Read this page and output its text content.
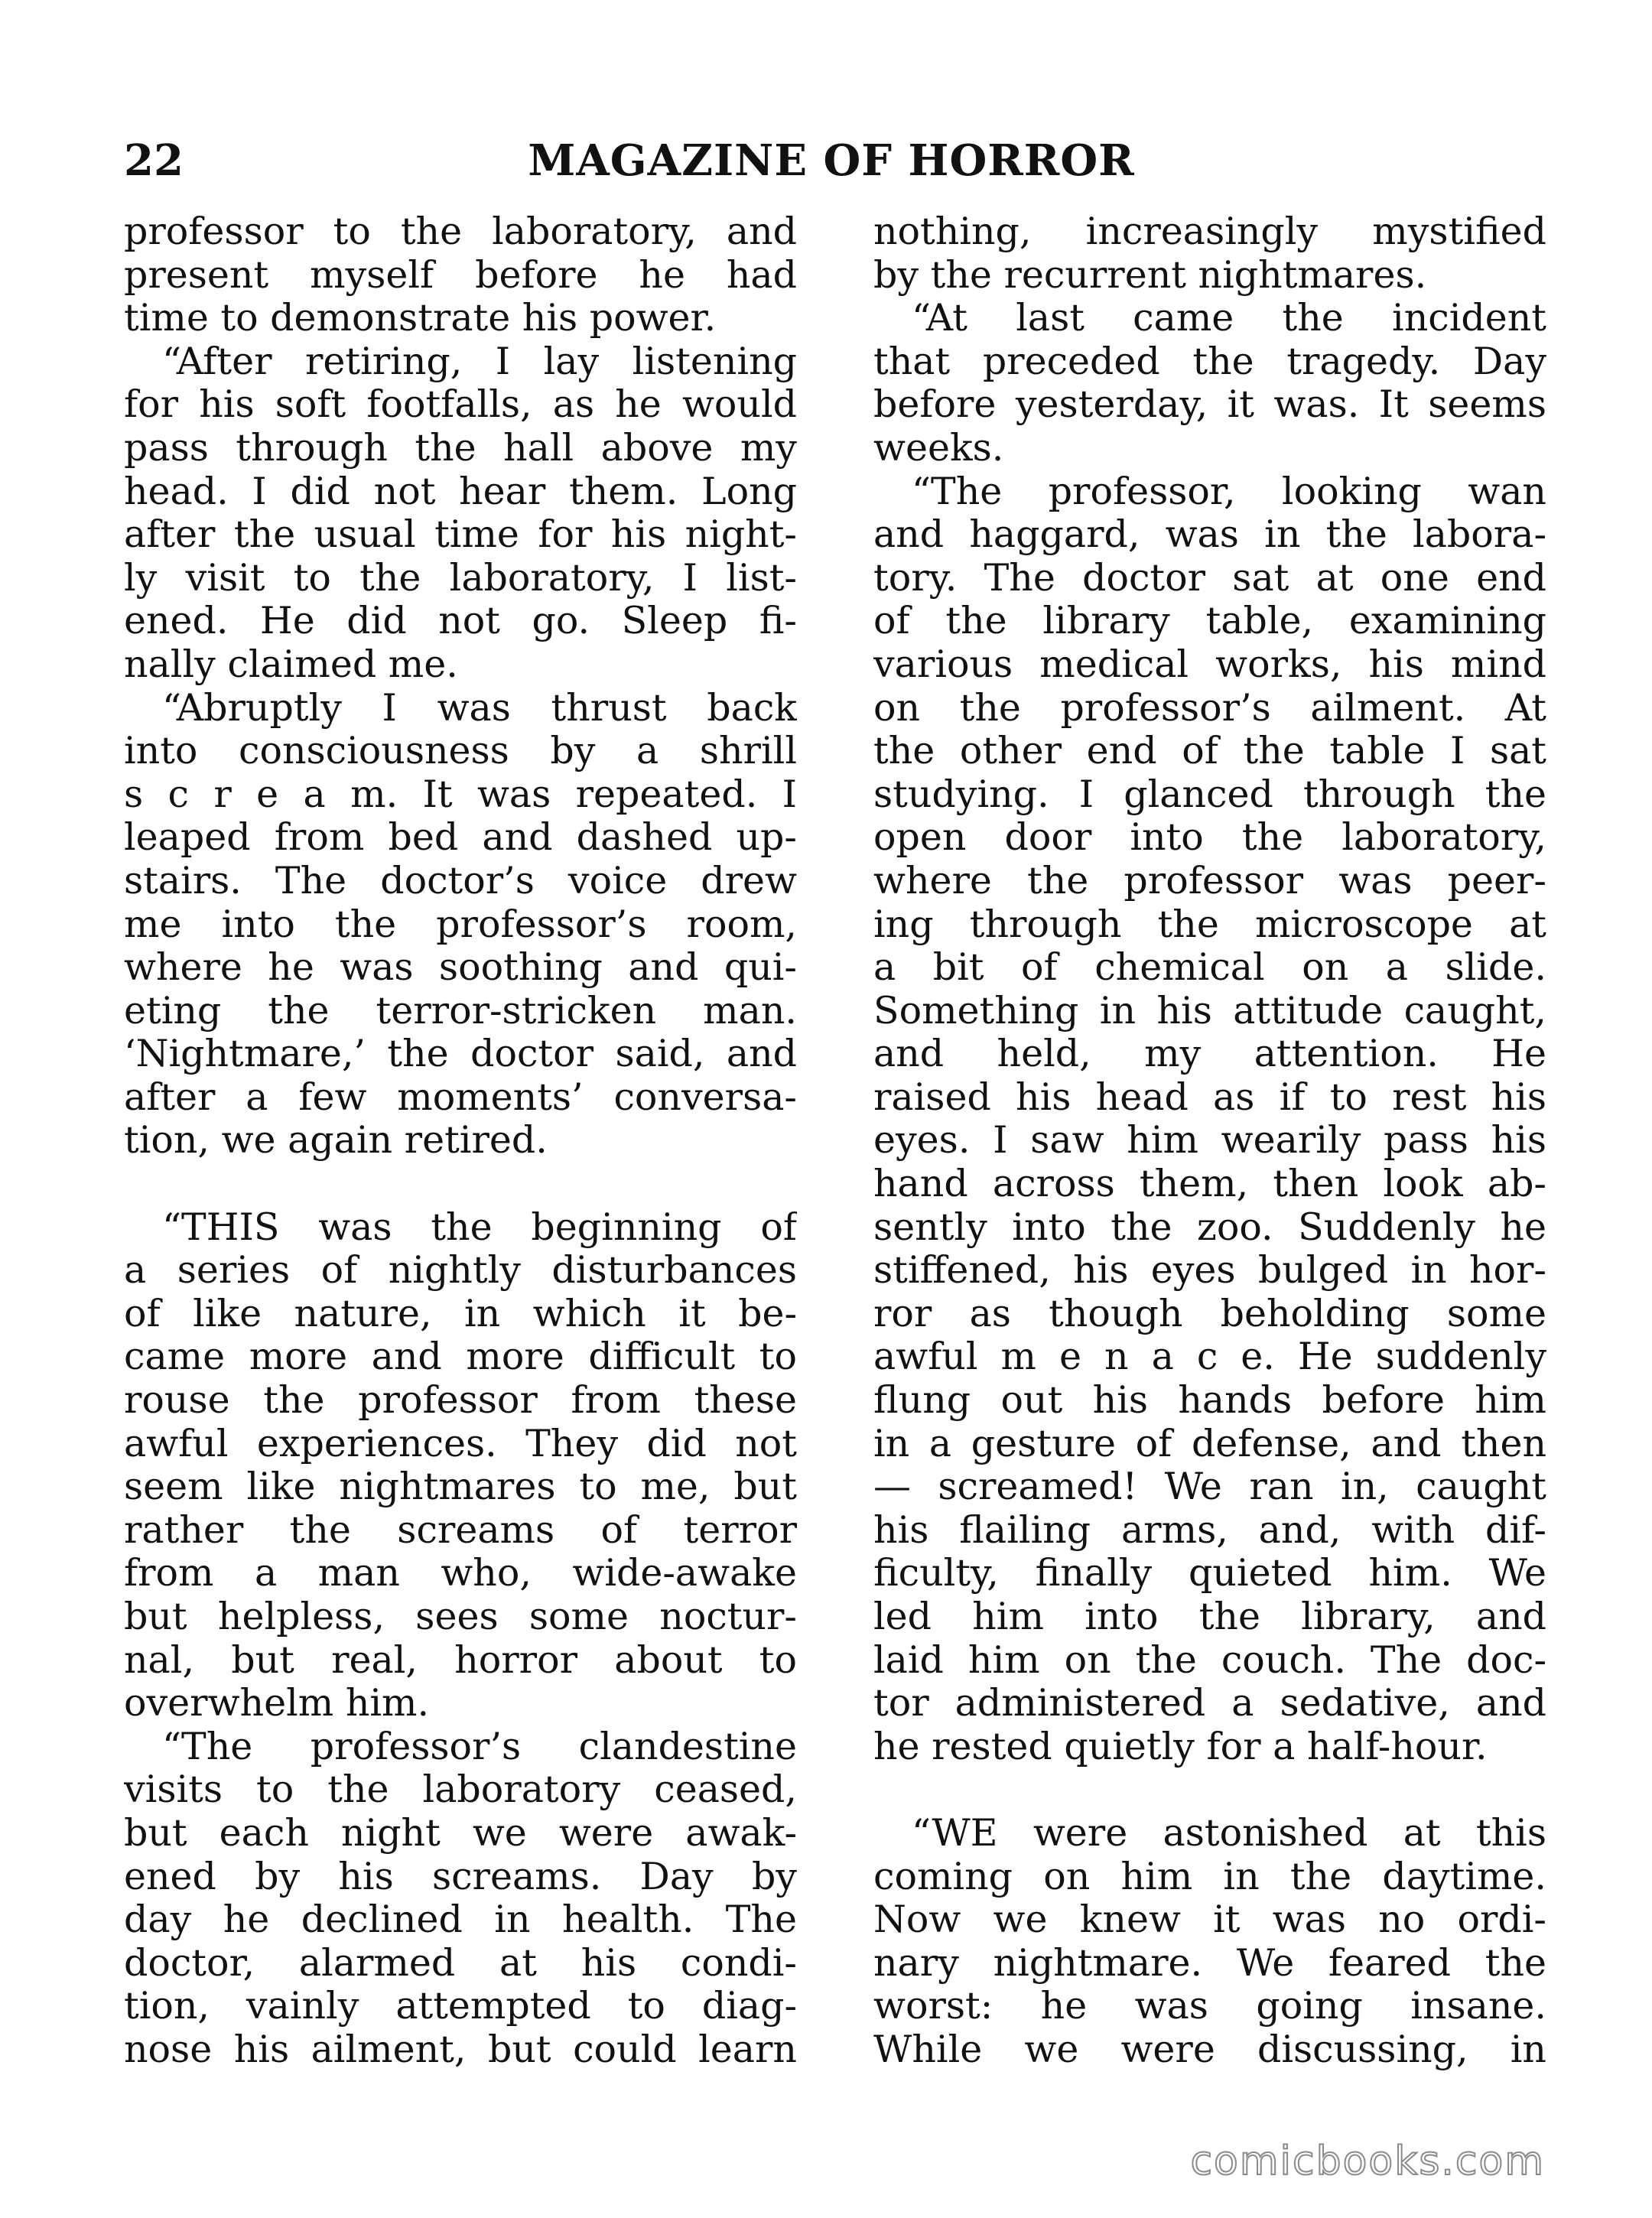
22	MAGAZINE OF HORROR
professor to the laboratory, and
present myself before he had
time to demonstrate his power.
“After retiring, I lay listening
for his soft footfalls, as he would
pass through the hall above my
head. I did not hear them. Long
after the usual time for his night-
ly visit to the laboratory, I list-
ened. He did not go. Sleep fi-
nally claimed me.
“Abruptly I was thrust back
into consciousness by a shrill
s c r e a m. It was repeated. I
leaped from bed and dashed up-
stairs. The doctor’s voice drew
me into the professor’s room,
where he was soothing and qui-
eting the terror-stricken man.
‘Nightmare,’ the doctor said, and
after a few moments’ conversa-
tion, we again retired.
“THIS was the beginning of
a series of nightly disturbances
of like nature, in which it be-
came more and more difficult to
rouse the professor from these
awful experiences. They did not
seem like nightmares to me, but
rather the screams of terror
from a man who, wide-awake
but helpless, sees some noctur-
nal, but real, horror about to
overwhelm him.
“The professor’s clandestine
visits to the laboratory ceased,
but each night we were awak-
ened by his screams. Day by
day he declined in health. The
doctor, alarmed at his condi-
tion, vainly attempted to diag-
nose his ailment, but could learn
nothing, increasingly mystified
by the recurrent nightmares.
“At last came the incident
that preceded the tragedy. Day
before yesterday, it was. It seems
weeks.
“The professor, looking wan
and haggard, was in the labora-
tory. The doctor sat at one end
of the library table, examining
various medical works, his mind
on the professor’s ailment. At
the other end of the table I sat
studying. I glanced through the
open door into the laboratory,
where the professor was peer-
ing through the microscope at
a bit of chemical on a slide.
Something in his attitude caught,
and held, my attention. He
raised his head as if to rest his
eyes. I saw him wearily pass his
hand across them, then look ab-
sently into the zoo. Suddenly he
stiffened, his eyes bulged in hor-
ror as though beholding some
awful m e n a c e. He suddenly
flung out his hands before him
in a gesture of defense, and then
— screamed! We ran in, caught
his flailing arms, and, with dif-
ficulty, finally quieted him. We
led him into the library, and
laid him on the couch. The doc-
tor administered a sedative, and
he rested quietly for a half-hour.
“WE were astonished at this
coming on him in the daytime.
Now we knew it was no ordi-
nary nightmare. We feared the
worst: he was going insane.
While we were discussing, in
comicbooks.com
